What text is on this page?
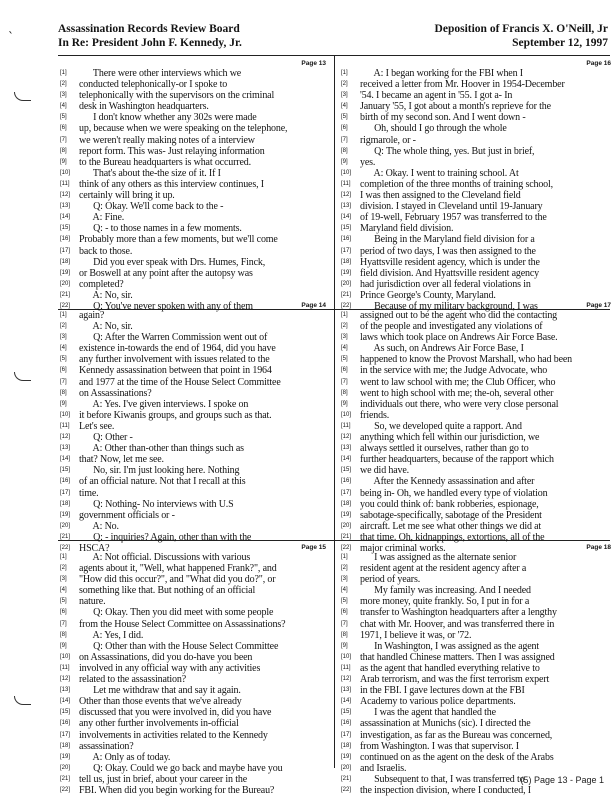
`
Assassination Records Review Board
In Re: President John F. Kennedy, Jr.
Deposition of Francis X. O'Neill, Jr
September 12, 1997
Page 13
[1]      There were other interviews which we
[2] conducted telephonically-or I spoke to
[3] telephonically with the supervisors on the criminal
[4] desk in Washington headquarters.
[5]      I don't know whether any 302s were made
[6] up, because when we were speaking on the telephone,
[7] we weren't really making notes of a interview
[8] report form. This was- Just relaying information
[9] to the Bureau headquarters is what occurred.
[10]      That's about the-the size of it. If I
[11] think of any others as this interview continues, I
[12] certainly will bring it up.
[13]      Q: Okay. We'll come back to the -
[14]      A: Fine.
[15]      Q: - to those names in a few moments.
[16] Probably more than a few moments, but we'll come
[17] back to those.
[18]      Did you ever speak with Drs. Humes, Finck,
[19] or Boswell at any point after the autopsy was
[20] completed?
[21]      A: No, sir.
[22]      Q: You've never spoken with any of them
Page 16
[1]      A: I began working for the FBI when I
[2] received a letter from Mr. Hoover in 1954-December
[3] '54. I became an agent in '55. I got a- In
[4] January '55, I got about a month's reprieve for the
[5] birth of my second son. And I went down -
[6]      Oh, should I go through the whole
[7] rigmarole, or -
[8]      Q: The whole thing, yes. But just in brief,
[9] yes.
[10]      A: Okay. I went to training school. At
[11] completion of the three months of training school,
[12] I was then assigned to the Cleveland field
[13] division. I stayed in Cleveland until 19-January
[14] of 19-well, February 1957 was transferred to the
[15] Maryland field division.
[16]      Being in the Maryland field division for a
[17] period of two days, I was then assigned to the
[18] Hyattsville resident agency, which is under the
[19] field division. And Hyattsville resident agency
[20] had jurisdiction over all federal violations in
[21] Prince George's County, Maryland.
[22]      Because of my military background, I was
Page 14
[1] again?
[2]      A: No, sir.
[3]      Q: After the Warren Commission went out of
[4] existence in-towards the end of 1964, did you have
[5] any further involvement with issues related to the
[6] Kennedy assassination between that point in 1964
[7] and 1977 at the time of the House Select Committee
[8] on Assassinations?
[9]      A: Yes. I've given interviews. I spoke on
[10] it before Kiwanis groups, and groups such as that.
[11] Let's see.
[12]      Q: Other -
[13]      A: Other than-other than things such as
[14] that? Now, let me see.
[15]      No, sir. I'm just looking here. Nothing
[16] of an official nature. Not that I recall at this
[17] time.
[18]      Q: Nothing- No interviews with U.S
[19] government officials or -
[20]      A: No.
[21]      Q: - inquiries? Again, other than with the
[22] HSCA?
Page 17
[1] assigned out to be the agent who did the contacting
[2] of the people and investigated any violations of
[3] laws which took place on Andrews Air Force Base.
[4]      As such, on Andrews Air Force Base, I
[5] happened to know the Provost Marshall, who had been
[6] in the service with me; the Judge Advocate, who
[7] went to law school with me; the Club Officer, who
[8] went to high school with me; the-oh, several other
[9] individuals out there, who were very close personal
[10] friends.
[11]      So, we developed quite a rapport. And
[12] anything which fell within our jurisdiction, we
[13] always settled it ourselves, rather than go to
[14] further headquarters, because of the rapport which
[15] we did have.
[16]      After the Kennedy assassination and after
[17] being in- Oh, we handled every type of violation
[18] you could think of: bank robberies, espionage,
[19] sabotage-specifically, sabotage of the President
[20] aircraft. Let me see what other things we did at
[21] that time. Oh, kidnappings, extortions, all of the
[22] major criminal works.
Page 15
[1]      A: Not official. Discussions with various
[2] agents about it, "Well, what happened Frank?", and
[3] "How did this occur?", and "What did you do?", or
[4] something like that. But nothing of an official
[5] nature.
[6]      Q: Okay. Then you did meet with some people
[7] from the House Select Committee on Assassinations?
[8]      A: Yes, I did.
[9]      Q: Other than with the House Select Committee
[10] on Assassinations, did you do-have you been
[11] involved in any official way with any activities
[12] related to the assassination?
[13]      Let me withdraw that and say it again.
[14] Other than those events that we've already
[15] discussed that you were involved in, did you have
[16] any other further involvements in-official
[17] involvements in activities related to the Kennedy
[18] assassination?
[19]      A: Only as of today.
[20]      Q: Okay. Could we go back and maybe have you
[21] tell us, just in brief, about your career in the
[22] FBI. When did you begin working for the Bureau?
Page 18
[1]      I was assigned as the alternate senior
[2] resident agent at the resident agency after a
[3] period of years.
[4]      My family was increasing. And I needed
[5] more money, quite frankly. So, I put in for a
[6] transfer to Washington headquarters after a lengthy
[7] chat with Mr. Hoover, and was transferred there in
[8] 1971, I believe it was, or '72.
[9]      In Washington, I was assigned as the agent
[10] that handled Chinese matters. Then I was assigned
[11] as the agent that handled everything relative to
[12] Arab terrorism, and was the first terrorism expert
[13] in the FBI. I gave lectures down at the FBI
[14] Academy to various police departments.
[15]      I was the agent that handled the
[16] assassination at Munichs (sic). I directed the
[17] investigation, as far as the Bureau was concerned,
[18] from Washington. I was that supervisor. I
[19] continued on as the agent on the desk of the Arabs
[20] and Israelis.
[21]      Subsequent to that, I was transferred to
[22] the inspection division, where I conducted, I
(5) Page 13 - Page 1
